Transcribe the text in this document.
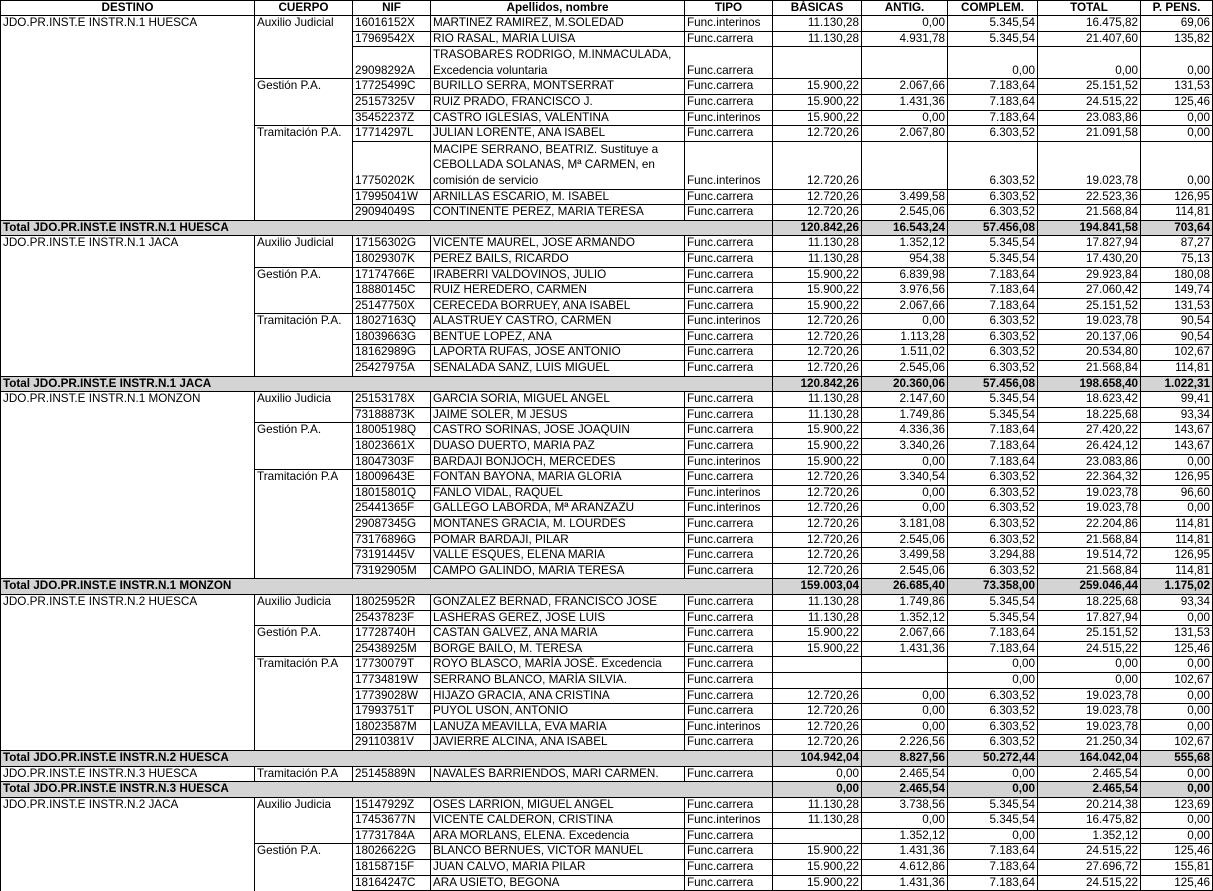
DESTINO	CUERPO	NIF	Apellidos, nombre	TIPO	BÁSICAS	ANTIG.	COMPLEM.	TOTAL	P. PENS.
JDO.PR.INST.E INSTR.N.1 HUESCA	Auxilio Judicial	16016152X	MARTINEZ RAMIREZ, M.SOLEDAD	Func.interinos	11.130,28	0,00	5.345,54	16.475,82	69,06
		17969542X	RIO RASAL, MARIA LUISA	Func.carrera	11.130,28	4.931,78	5.345,54	21.407,60	135,82
		29098292A	TRASOBARES RODRIGO, M.INMACULADA, Excedencia voluntaria	Func.carrera			0,00	0,00	0,00
	Gestión P.A.	17725499C	BURILLO SERRA, MONTSERRAT	Func.carrera	15.900,22	2.067,66	7.183,64	25.151,52	131,53
		25157325V	RUIZ PRADO, FRANCISCO J.	Func.carrera	15.900,22	1.431,36	7.183,64	24.515,22	125,46
		35452237Z	CASTRO IGLESIAS, VALENTINA	Func.interinos	15.900,22	0,00	7.183,64	23.083,86	0,00
	Tramitación P.A.	17714297L	JULIAN LORENTE, ANA ISABEL	Func.carrera	12.720,26	2.067,80	6.303,52	21.091,58	0,00
		17750202K	MACIPE SERRANO, BEATRIZ. Sustituye a CEBOLLADA SOLANAS, Mª CARMEN, en comisión de servicio	Func.interinos	12.720,26		6.303,52	19.023,78	0,00
		17995041W	ARNILLAS ESCARIO, M. ISABEL	Func.carrera	12.720,26	3.499,58	6.303,52	22.523,36	126,95
		29094049S	CONTINENTE PEREZ, MARIA TERESA	Func.carrera	12.720,26	2.545,06	6.303,52	21.568,84	114,81
Total JDO.PR.INST.E INSTR.N.1 HUESCA					120.842,26	16.543,24	57.456,08	194.841,58	703,64
JDO.PR.INST.E INSTR.N.1 JACA	Auxilio Judicial	17156302G	VICENTE MAUREL, JOSE ARMANDO	Func.carrera	11.130,28	1.352,12	5.345,54	17.827,94	87,27
		18029307K	PEREZ BAILS, RICARDO	Func.carrera	11.130,28	954,38	5.345,54	17.430,20	75,13
	Gestión P.A.	17174766E	IRABERRI VALDOVINOS, JULIO	Func.carrera	15.900,22	6.839,98	7.183,64	29.923,84	180,08
		18880145C	RUIZ HEREDERO, CARMEN	Func.carrera	15.900,22	3.976,56	7.183,64	27.060,42	149,74
		25147750X	CERECEDA BORRUEY, ANA ISABEL	Func.carrera	15.900,22	2.067,66	7.183,64	25.151,52	131,53
	Tramitación P.A.	18027163Q	ALASTRUEY CASTRO, CARMEN	Func.interinos	12.720,26	0,00	6.303,52	19.023,78	90,54
		18039663G	BENTUE LOPEZ, ANA	Func.carrera	12.720,26	1.113,28	6.303,52	20.137,06	90,54
		18162989G	LAPORTA RUFAS, JOSE ANTONIO	Func.carrera	12.720,26	1.511,02	6.303,52	20.534,80	102,67
		25427975A	SENALADA SANZ, LUIS MIGUEL	Func.carrera	12.720,26	2.545,06	6.303,52	21.568,84	114,81
Total JDO.PR.INST.E INSTR.N.1 JACA					120.842,26	20.360,06	57.456,08	198.658,40	1.022,31
JDO.PR.INST.E INSTR.N.1 MONZON	Auxilio Judicia	25153178X	GARCIA SORIA, MIGUEL ANGEL	Func.carrera	11.130,28	2.147,60	5.345,54	18.623,42	99,41
		73188873K	JAIME SOLER, M JESUS	Func.carrera	11.130,28	1.749,86	5.345,54	18.225,68	93,34
	Gestión P.A.	18005198Q	CASTRO SORINAS, JOSE JOAQUIN	Func.carrera	15.900,22	4.336,36	7.183,64	27.420,22	143,67
		18023661X	DUASO DUERTO, MARIA PAZ	Func.carrera	15.900,22	3.340,26	7.183,64	26.424,12	143,67
		18047303F	BARDAJI BONJOCH, MERCEDES	Func.interinos	15.900,22	0,00	7.183,64	23.083,86	0,00
	Tramitación P.A	18009643E	FONTAN BAYONA, MARIA GLORIA	Func.carrera	12.720,26	3.340,54	6.303,52	22.364,32	126,95
		18015801Q	FANLO VIDAL, RAQUEL	Func.interinos	12.720,26	0,00	6.303,52	19.023,78	96,60
		25441365F	GALLEGO LABORDA, Mª ARANZAZU	Func.interinos	12.720,26	0,00	6.303,52	19.023,78	0,00
		29087345G	MONTANES GRACIA, M. LOURDES	Func.carrera	12.720,26	3.181,08	6.303,52	22.204,86	114,81
		73176896G	POMAR BARDAJI, PILAR	Func.carrera	12.720,26	2.545,06	6.303,52	21.568,84	114,81
		73191445V	VALLE ESQUES, ELENA MARIA	Func.carrera	12.720,26	3.499,58	3.294,88	19.514,72	126,95
		73192905M	CAMPO GALINDO, MARIA TERESA	Func.carrera	12.720,26	2.545,06	6.303,52	21.568,84	114,81
Total JDO.PR.INST.E INSTR.N.1 MONZON					159.003,04	26.685,40	73.358,00	259.046,44	1.175,02
JDO.PR.INST.E INSTR.N.2 HUESCA	Auxilio Judicia	18025952R	GONZALEZ BERNAD, FRANCISCO JOSE	Func.carrera	11.130,28	1.749,86	5.345,54	18.225,68	93,34
		25437823F	LASHERAS GEREZ, JOSE LUIS	Func.carrera	11.130,28	1.352,12	5.345,54	17.827,94	0,00
	Gestión P.A.	17728740H	CASTAN GALVEZ, ANA MARIA	Func.carrera	15.900,22	2.067,66	7.183,64	25.151,52	131,53
		25438925M	BORGE BAILO, M. TERESA	Func.carrera	15.900,22	1.431,36	7.183,64	24.515,22	125,46
	Tramitación P.A	17730079T	ROYO BLASCO, MARÍA JOSÉ. Excedencia	Func.carrera			0,00	0,00	0,00
		17734819W	SERRANO BLANCO, MARÍA SILVIA.	Func.carrera			0,00	0,00	102,67
		17739028W	HIJAZO GRACIA, ANA CRISTINA	Func.carrera	12.720,26	0,00	6.303,52	19.023,78	0,00
		17993751T	PUYOL USON, ANTONIO	Func.carrera	12.720,26	0,00	6.303,52	19.023,78	0,00
		18023587M	LANUZA MEAVILLA, EVA MARIA	Func.interinos	12.720,26	0,00	6.303,52	19.023,78	0,00
		29110381V	JAVIERRE ALCINA, ANA ISABEL	Func.carrera	12.720,26	2.226,56	6.303,52	21.250,34	102,67
Total JDO.PR.INST.E INSTR.N.2 HUESCA					104.942,04	8.827,56	50.272,44	164.042,04	555,68
JDO.PR.INST.E INSTR.N.3 HUESCA	Tramitación P.A	25145889N	NAVALES BARRIENDOS, MARI CARMEN.	Func.carrera	0,00	2.465,54	0,00	2.465,54	0,00
Total JDO.PR.INST.E INSTR.N.3 HUESCA					0,00	2.465,54	0,00	2.465,54	0,00
JDO.PR.INST.E INSTR.N.2 JACA	Auxilio Judicia	15147929Z	OSES LARRION, MIGUEL ANGEL	Func.carrera	11.130,28	3.738,56	5.345,54	20.214,38	123,69
		17453677N	VICENTE CALDERON, CRISTINA	Func.interinos	11.130,28	0,00	5.345,54	16.475,82	0,00
		17731784A	ARA MORLANS, ELENA. Excedencia	Func.carrera		1.352,12	0,00	1.352,12	0,00
	Gestión P.A.	18026622G	BLANCO BERNUES, VICTOR MANUEL	Func.carrera	15.900,22	1.431,36	7.183,64	24.515,22	125,46
		18158715F	JUAN CALVO, MARIA PILAR	Func.carrera	15.900,22	4.612,86	7.183,64	27.696,72	155,81
		18164247C	ARA USIETO, BEGONA	Func.carrera	15.900,22	1.431,36	7.183,64	24.515,22	125,46
